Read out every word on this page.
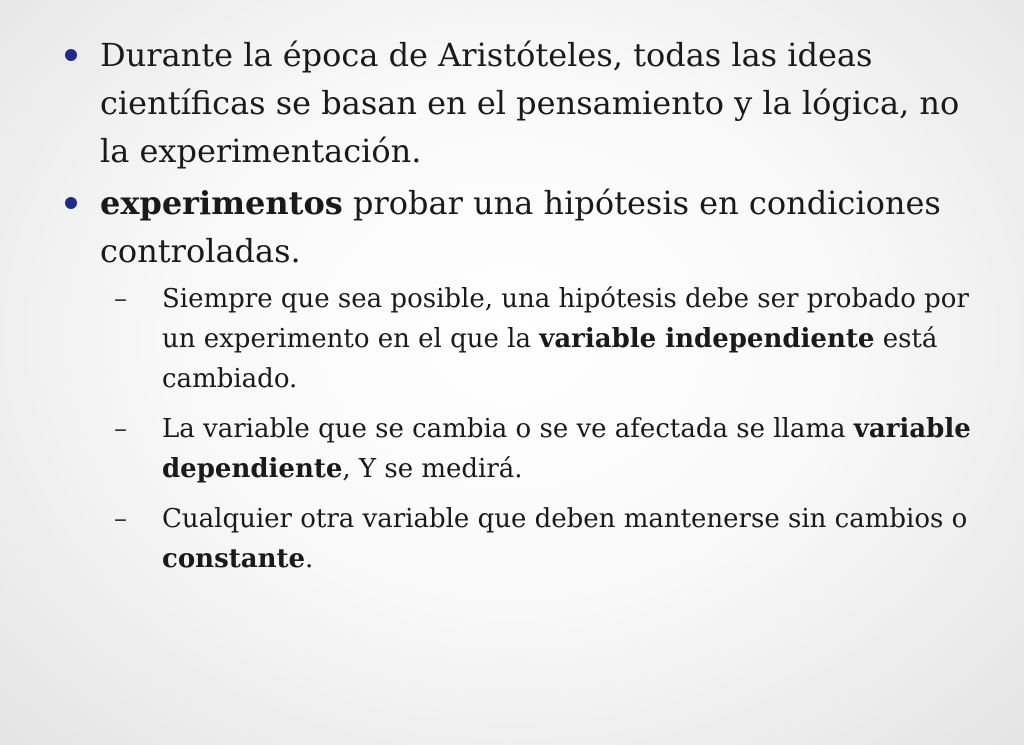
Durante la época de Aristóteles, todas las ideas científicas se basan en el pensamiento y la lógica, no la experimentación.
experimentos probar una hipótesis en condiciones controladas.
– Siempre que sea posible, una hipótesis debe ser probado por un experimento en el que la variable independiente está cambiado.
– La variable que se cambia o se ve afectada se llama variable dependiente, Y se medirá.
– Cualquier otra variable que deben mantenerse sin cambios o constante.
